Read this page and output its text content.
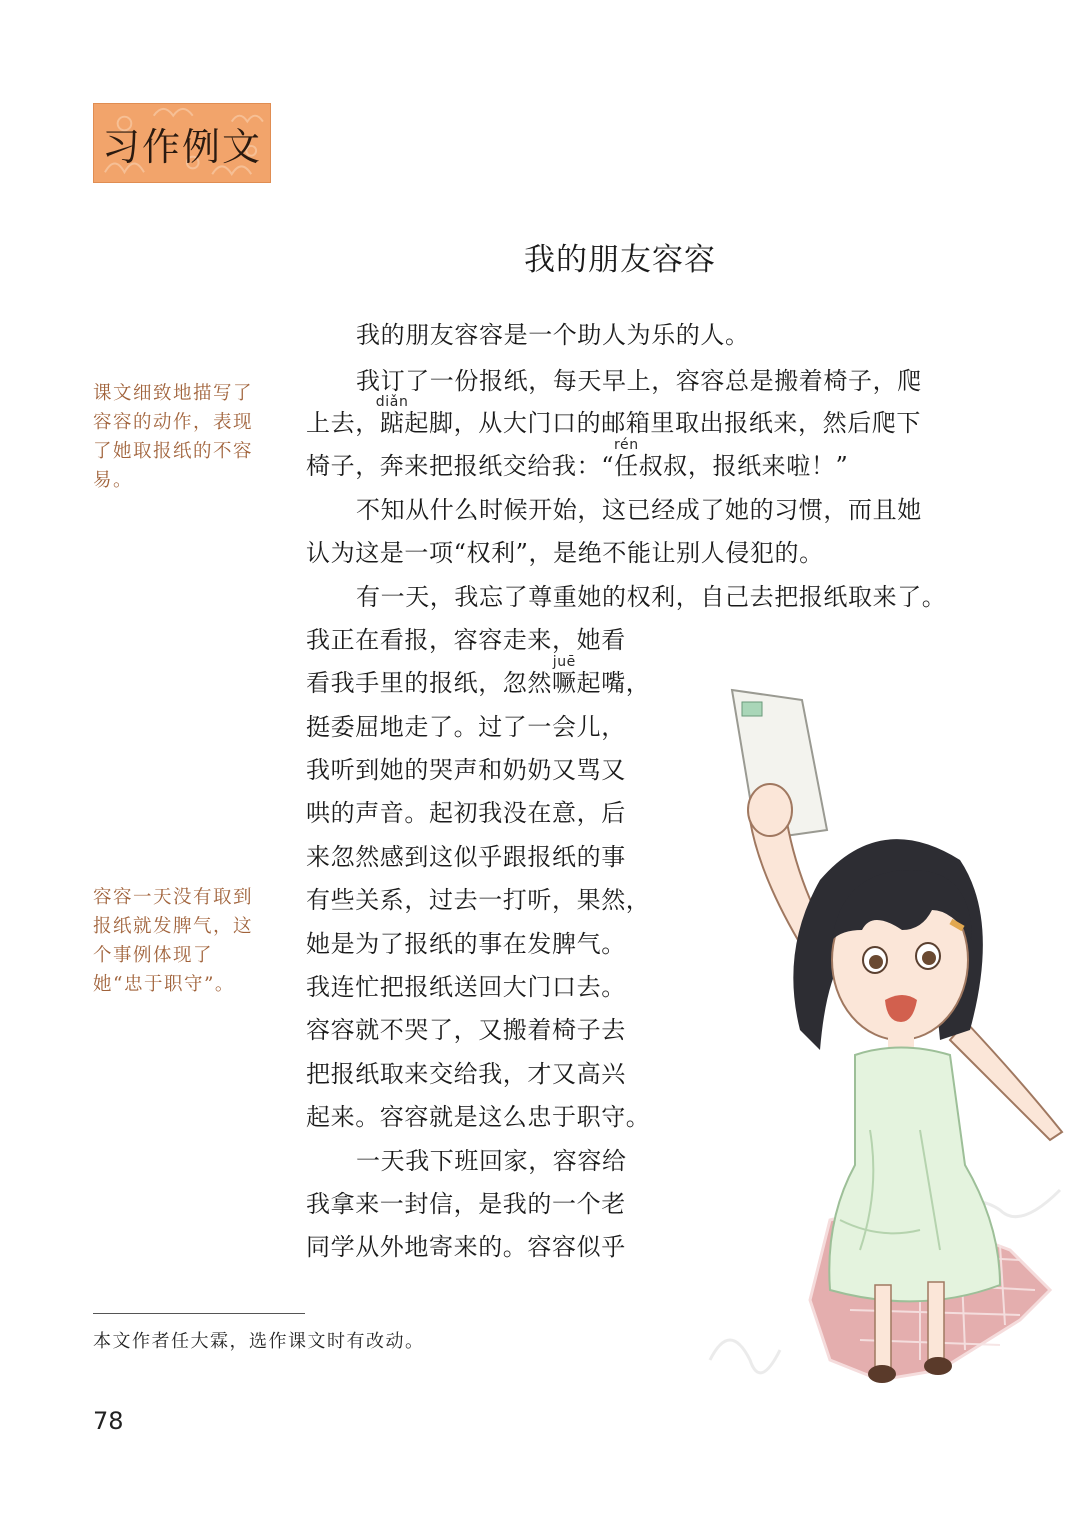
习作例文
我的朋友容容
课文细致地描写了容容的动作，表现了她取报纸的不容易。
容容一天没有取到报纸就发脾气，这个事例体现了她“忠于职守”。
我的朋友容容是一个助人为乐的人。
我订了一份报纸，每天早上，容容总是搬着椅子，爬
上去，
diǎn
踮起脚，从大门口的邮箱里取出报纸来，然后爬下
椅子，奔来把报纸交给我：“
rén
任叔叔，报纸来啦！”
不知从什么时候开始，这已经成了她的习惯，而且她
认为这是一项“权利”，是绝不能让别人侵犯的。
有一天，我忘了尊重她的权利，自己去把报纸取来了。
我正在看报，容容走来，她看
看我手里的报纸，忽然
juē
噘起嘴，
挺委屈地走了。过了一会儿，
我听到她的哭声和奶奶又骂又
哄的声音。起初我没在意，后
来忽然感到这似乎跟报纸的事
有些关系，过去一打听，果然，
她是为了报纸的事在发脾气。
我连忙把报纸送回大门口去。
容容就不哭了，又搬着椅子去
把报纸取来交给我，才又高兴
起来。容容就是这么忠于职守。
一天我下班回家，容容给
我拿来一封信，是我的一个老
同学从外地寄来的。容容似乎
本文作者任大霖，选作课文时有改动。
78
